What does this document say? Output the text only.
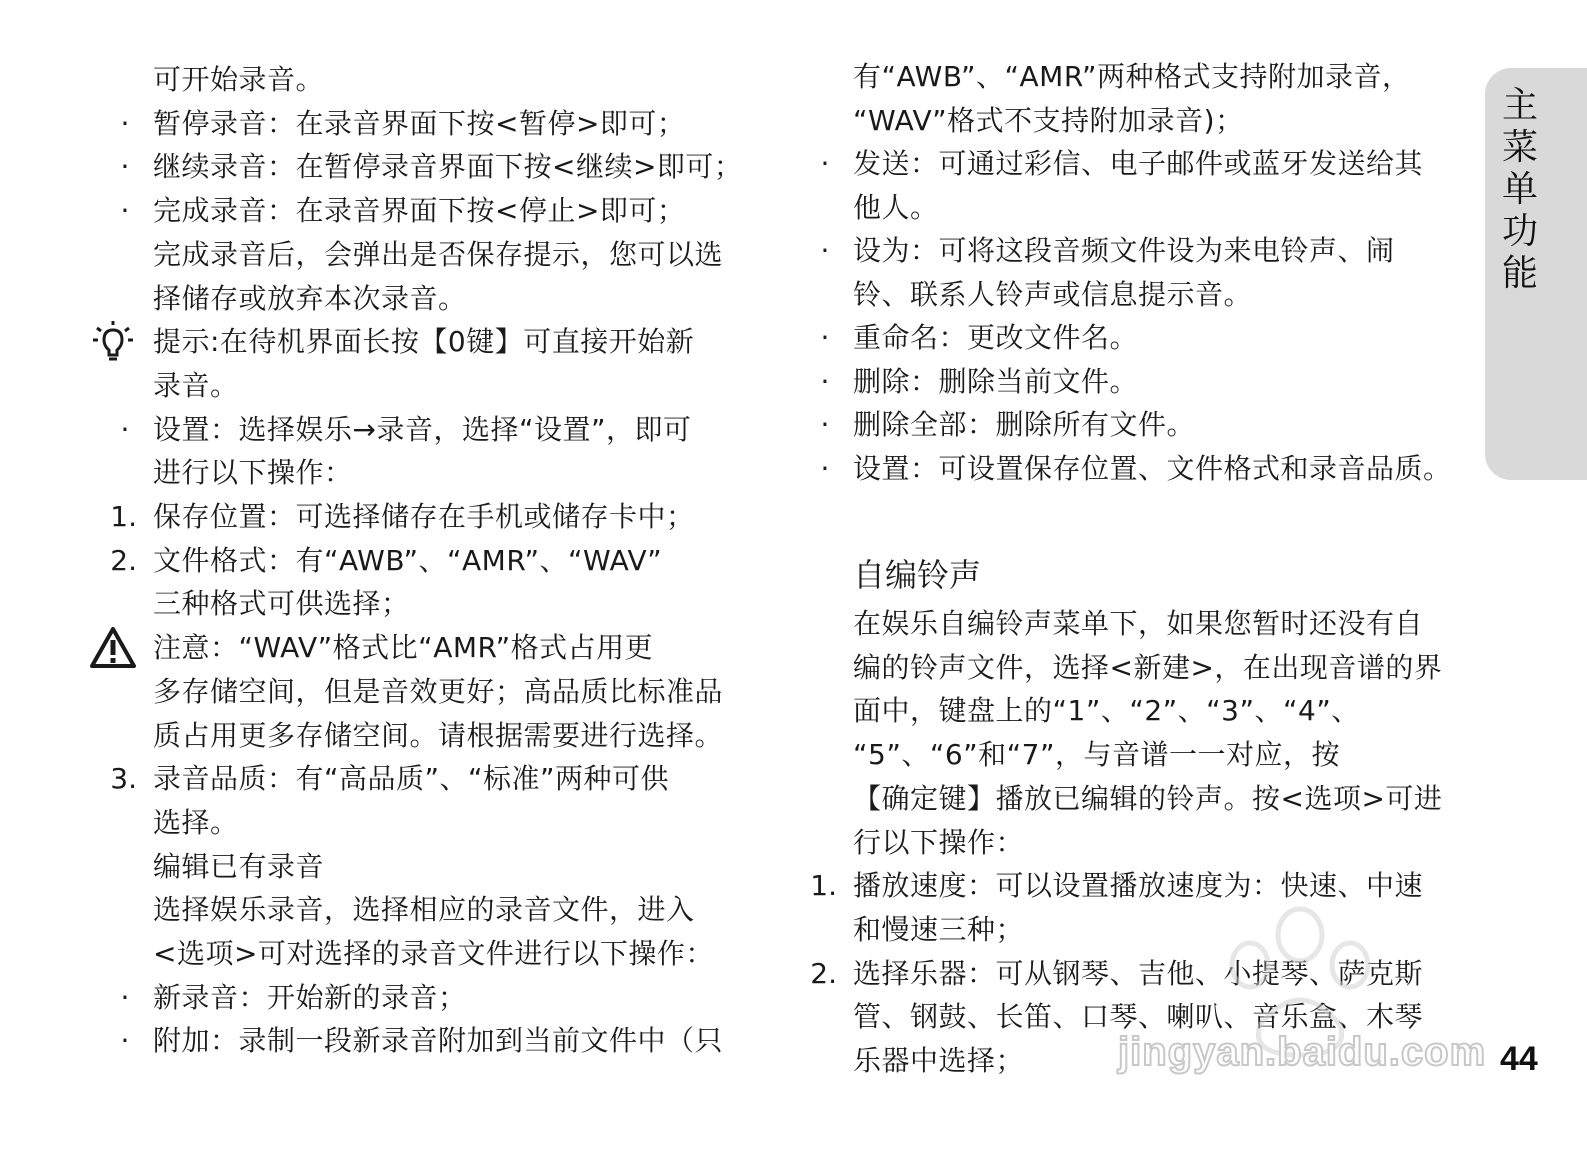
可开始录音。
· 暂停录音：在录音界面下按<暂停>即可；
· 继续录音：在暂停录音界面下按<继续>即可；
· 完成录音：在录音界面下按<停止>即可；
完成录音后，会弹出是否保存提示，您可以选
择储存或放弃本次录音。
提示:在待机界面长按【0键】可直接开始新
录音。
· 设置：选择娱乐→录音，选择“设置”，即可
进行以下操作：
1. 保存位置：可选择储存在手机或储存卡中；
2. 文件格式：有“AWB”、“AMR”、“WAV”
三种格式可供选择；
注意：“WAV”格式比“AMR”格式占用更
多存储空间，但是音效更好；高品质比标准品
质占用更多存储空间。请根据需要进行选择。
3. 录音品质：有“高品质”、“标准”两种可供
选择。
编辑已有录音
选择娱乐录音，选择相应的录音文件，进入
<选项>可对选择的录音文件进行以下操作：
· 新录音：开始新的录音；
· 附加：录制一段新录音附加到当前文件中（只
有“AWB”、“AMR”两种格式支持附加录音，
“WAV”格式不支持附加录音)；
· 发送：可通过彩信、电子邮件或蓝牙发送给其
他人。
· 设为：可将这段音频文件设为来电铃声、闹
铃、联系人铃声或信息提示音。
· 重命名：更改文件名。
· 删除：删除当前文件。
· 删除全部：删除所有文件。
· 设置：可设置保存位置、文件格式和录音品质。
自编铃声
在娱乐自编铃声菜单下，如果您暂时还没有自
编的铃声文件，选择<新建>，在出现音谱的界
面中，键盘上的“1”、“2”、“3”、“4”、
“5”、“6”和“7”，与音谱一一对应，按
【确定键】播放已编辑的铃声。按<选项>可进
行以下操作：
1. 播放速度：可以设置播放速度为：快速、中速
和慢速三种；
2. 选择乐器：可从钢琴、吉他、小提琴、萨克斯
管、钢鼓、长笛、口琴、喇叭、音乐盒、木琴
乐器中选择；
主菜单功能
44
jingyan.baidu.com
